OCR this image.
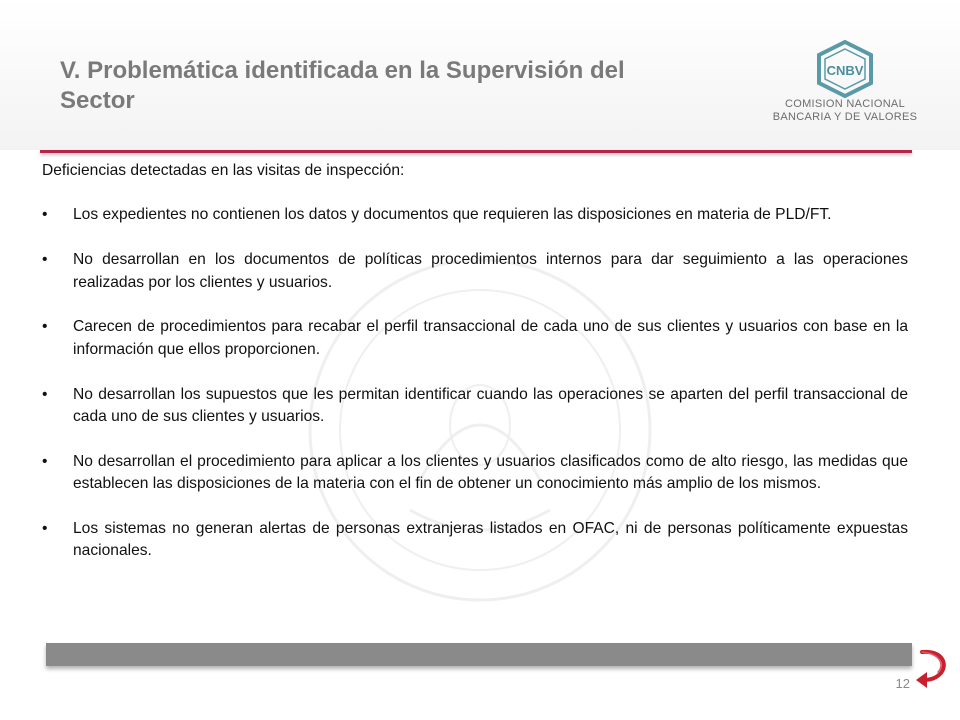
V. Problemática identificada en la Supervisión del
Sector
CNBV
COMISION NACIONAL
BANCARIA Y DE VALORES

Deficiencias detectadas en las visitas de inspección:

•	Los expedientes no contienen los datos y documentos que requieren las disposiciones en materia de PLD/FT.
•	No desarrollan en los documentos de políticas procedimientos internos para dar seguimiento a las operaciones realizadas por los clientes y usuarios.
•	Carecen de procedimientos para recabar el perfil transaccional de cada uno de sus clientes y usuarios con base en la información que ellos proporcionen.
•	No desarrollan los supuestos que les permitan identificar cuando las operaciones se aparten del perfil transaccional de cada uno de sus clientes y usuarios.
•	No desarrollan el procedimiento para aplicar a los clientes y usuarios clasificados como de alto riesgo, las medidas que establecen las disposiciones de la materia con el fin de obtener un conocimiento más amplio de los mismos.
•	Los sistemas no generan alertas de personas extranjeras listados en OFAC, ni de personas políticamente expuestas nacionales.
12
